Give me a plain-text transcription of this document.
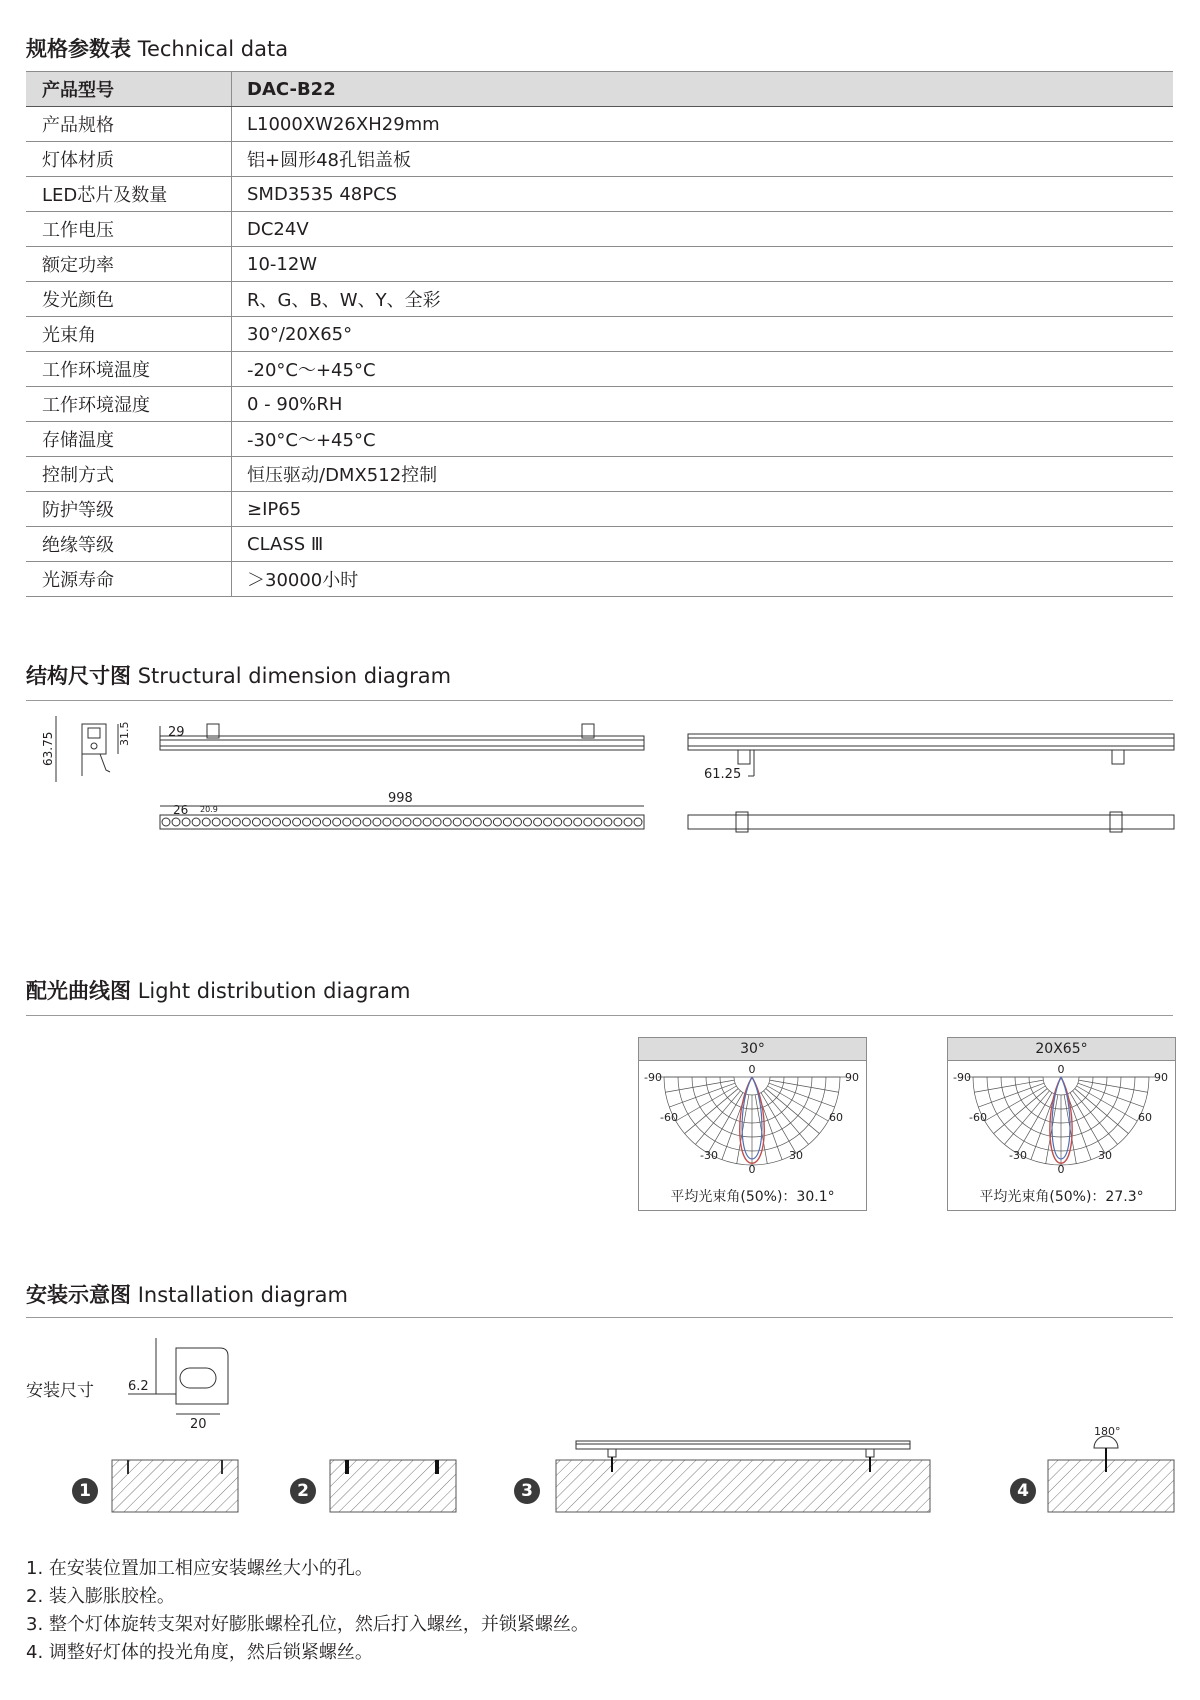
规格参数表 Technical data
产品型号	DAC-B22
产品规格	L1000XW26XH29mm
灯体材质	铝+圆形48孔铝盖板
LED芯片及数量	SMD3535 48PCS
工作电压	DC24V
额定功率	10-12W
发光颜色	R、G、B、W、Y、全彩
光束角	30°/20X65°
工作环境温度	-20°C～+45°C
工作环境湿度	0 - 90%RH
存储温度	-30°C～+45°C
控制方式	恒压驱动/DMX512控制
防护等级	≥IP65
绝缘等级	CLASS Ⅲ
光源寿命	＞30000小时
结构尺寸图 Structural dimension diagram
63.75	31.5	29
998
26 20.9
61.25
配光曲线图 Light distribution diagram
30°
-90	90
-60	60
-30	30
0
0
平均光束角(50%)：30.1°
20X65°
-90	90
-60	60
-30	30
0
0
平均光束角(50%)：27.3°
安装示意图 Installation diagram
安装尺寸	6.2
20	180°
1	2	3	4
1. 在安装位置加工相应安装螺丝大小的孔。
2. 装入膨胀胶栓。
3. 整个灯体旋转支架对好膨胀螺栓孔位，然后打入螺丝，并锁紧螺丝。
4. 调整好灯体的投光角度，然后锁紧螺丝。
